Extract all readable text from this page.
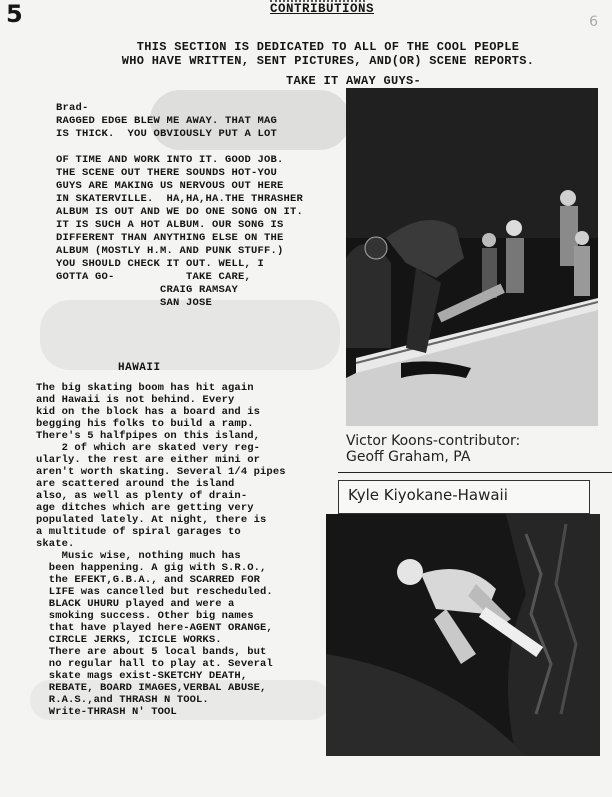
5	6
CONTRIBUTIONS
THIS SECTION IS DEDICATED TO ALL OF THE COOL PEOPLE
WHO HAVE WRITTEN, SENT PICTURES, AND(OR) SCENE REPORTS.
TAKE IT AWAY GUYS-
Brad-
RAGGED EDGE BLEW ME AWAY. THAT MAG
IS THICK.  YOU OBVIOUSLY PUT A LOT

OF TIME AND WORK INTO IT. GOOD JOB.
THE SCENE OUT THERE SOUNDS HOT-YOU
GUYS ARE MAKING US NERVOUS OUT HERE
IN SKATERVILLE.  HA,HA,HA.THE THRASHER
ALBUM IS OUT AND WE DO ONE SONG ON IT.
IT IS SUCH A HOT ALBUM. OUR SONG IS
DIFFERENT THAN ANYTHING ELSE ON THE
ALBUM (MOSTLY H.M. AND PUNK STUFF.)
YOU SHOULD CHECK IT OUT. WELL, I
GOTTA GO-           TAKE CARE,
CRAIG RAMSAY
SAN JOSE
Victor Koons-contributor:
Geoff Graham, PA
Kyle Kiyokane-Hawaii
HAWAII
The big skating boom has hit again
and Hawaii is not behind. Every
kid on the block has a board and is
begging his folks to build a ramp.
There's 5 halfpipes on this island,
2 of which are skated very reg-
ularly. the rest are either mini or
aren't worth skating. Several 1/4 pipes
are scattered around the island
also, as well as plenty of drain-
age ditches which are getting very
populated lately. At night, there is
a multitude of spiral garages to
skate.
Music wise, nothing much has
been happening. A gig with S.R.O.,
the EFEKT,G.B.A., and SCARRED FOR
LIFE was cancelled but rescheduled.
BLACK UHURU played and were a
smoking success. Other big names
that have played here-AGENT ORANGE,
CIRCLE JERKS, ICICLE WORKS.
There are about 5 local bands, but
no regular hall to play at. Several
skate mags exist-SKETCHY DEATH,
REBATE, BOARD IMAGES,VERBAL ABUSE,
R.A.S.,and THRASH N TOOL.
Write-THRASH N' TOOL
